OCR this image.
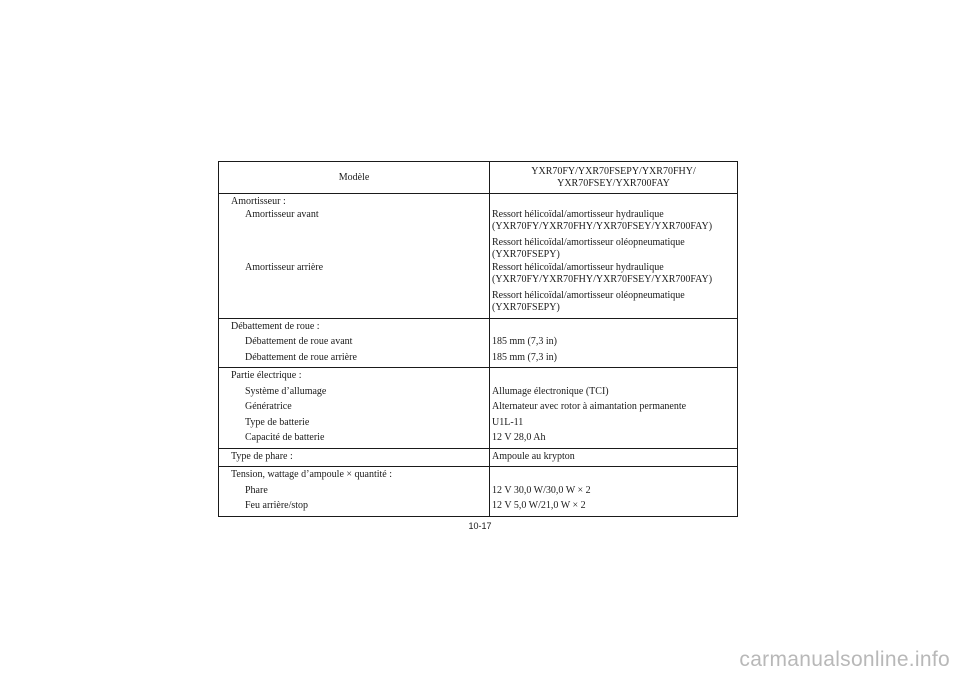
Modèle
YXR70FY/YXR70FSEPY/YXR70FHY/
YXR70FSEY/YXR700FAY
Amortisseur :
Amortisseur avant
Amortisseur arrière
Ressort hélicoïdal/amortisseur hydraulique
(YXR70FY/YXR70FHY/YXR70FSEY/YXR700FAY)
Ressort hélicoïdal/amortisseur oléopneumatique
(YXR70FSEPY)
Ressort hélicoïdal/amortisseur hydraulique
(YXR70FY/YXR70FHY/YXR70FSEY/YXR700FAY)
Ressort hélicoïdal/amortisseur oléopneumatique
(YXR70FSEPY)
Débattement de roue :
Débattement de roue avant
Débattement de roue arrière
185 mm (7,3 in)
185 mm (7,3 in)
Partie électrique :
Système d’allumage
Génératrice
Type de batterie
Capacité de batterie
Allumage électronique (TCI)
Alternateur avec rotor à aimantation permanente
U1L-11
12 V 28,0 Ah
Type de phare :	Ampoule au krypton
Tension, wattage d’ampoule × quantité :
Phare
Feu arrière/stop
12 V 30,0 W/30,0 W × 2
12 V 5,0 W/21,0 W × 2
10-17
carmanualsonline.info
